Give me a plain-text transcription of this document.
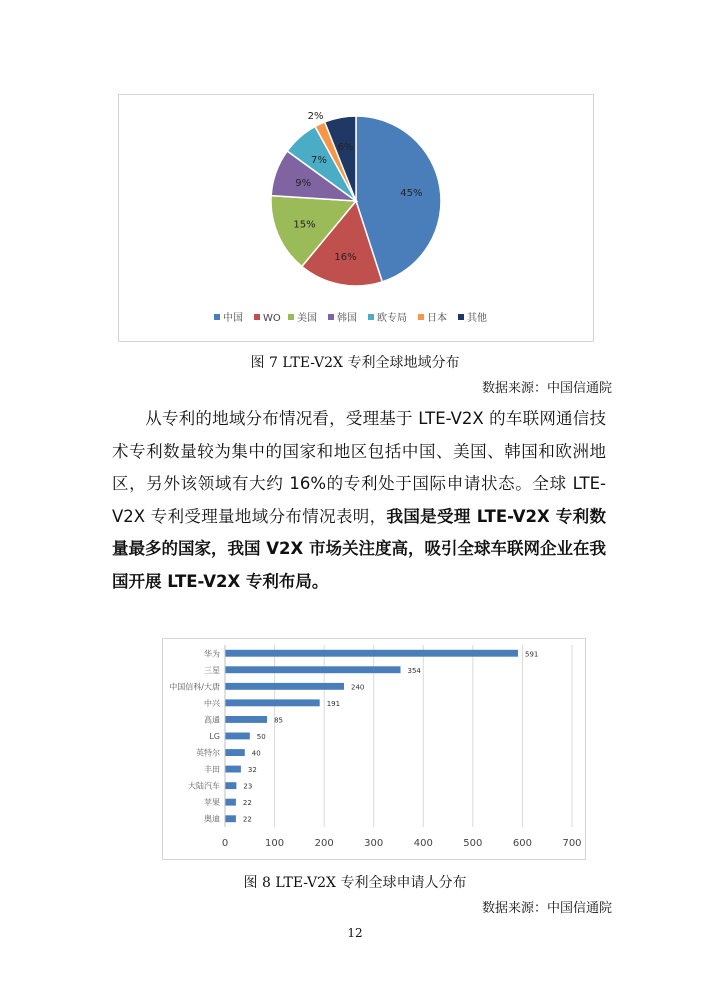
45%
16%
15%
9%
7%
2%
6%
中国 WO 美国 韩国 欧专局 日本 其他
图 7 LTE-V2X 专利全球地域分布
数据来源：中国信通院

从专利的地域分布情况看，受理基于 LTE-V2X 的车联网通信技术专利数量较为集中的国家和地区包括中国、美国、韩国和欧洲地区，另外该领域有大约 16%的专利处于国际申请状态。全球 LTE-V2X 专利受理量地域分布情况表明，我国是受理 LTE-V2X 专利数量最多的国家，我国 V2X 市场关注度高，吸引全球车联网企业在我国开展 LTE-V2X 专利布局。

0	100	200	300	400	500	600	700
华为	591
三星	354
中国信科/大唐	240
中兴	191
高通	85
LG	50
英特尔	40
丰田	32
大陆汽车	23
苹果	22
奥迪	22
图 8 LTE-V2X 专利全球申请人分布
数据来源：中国信通院
12
